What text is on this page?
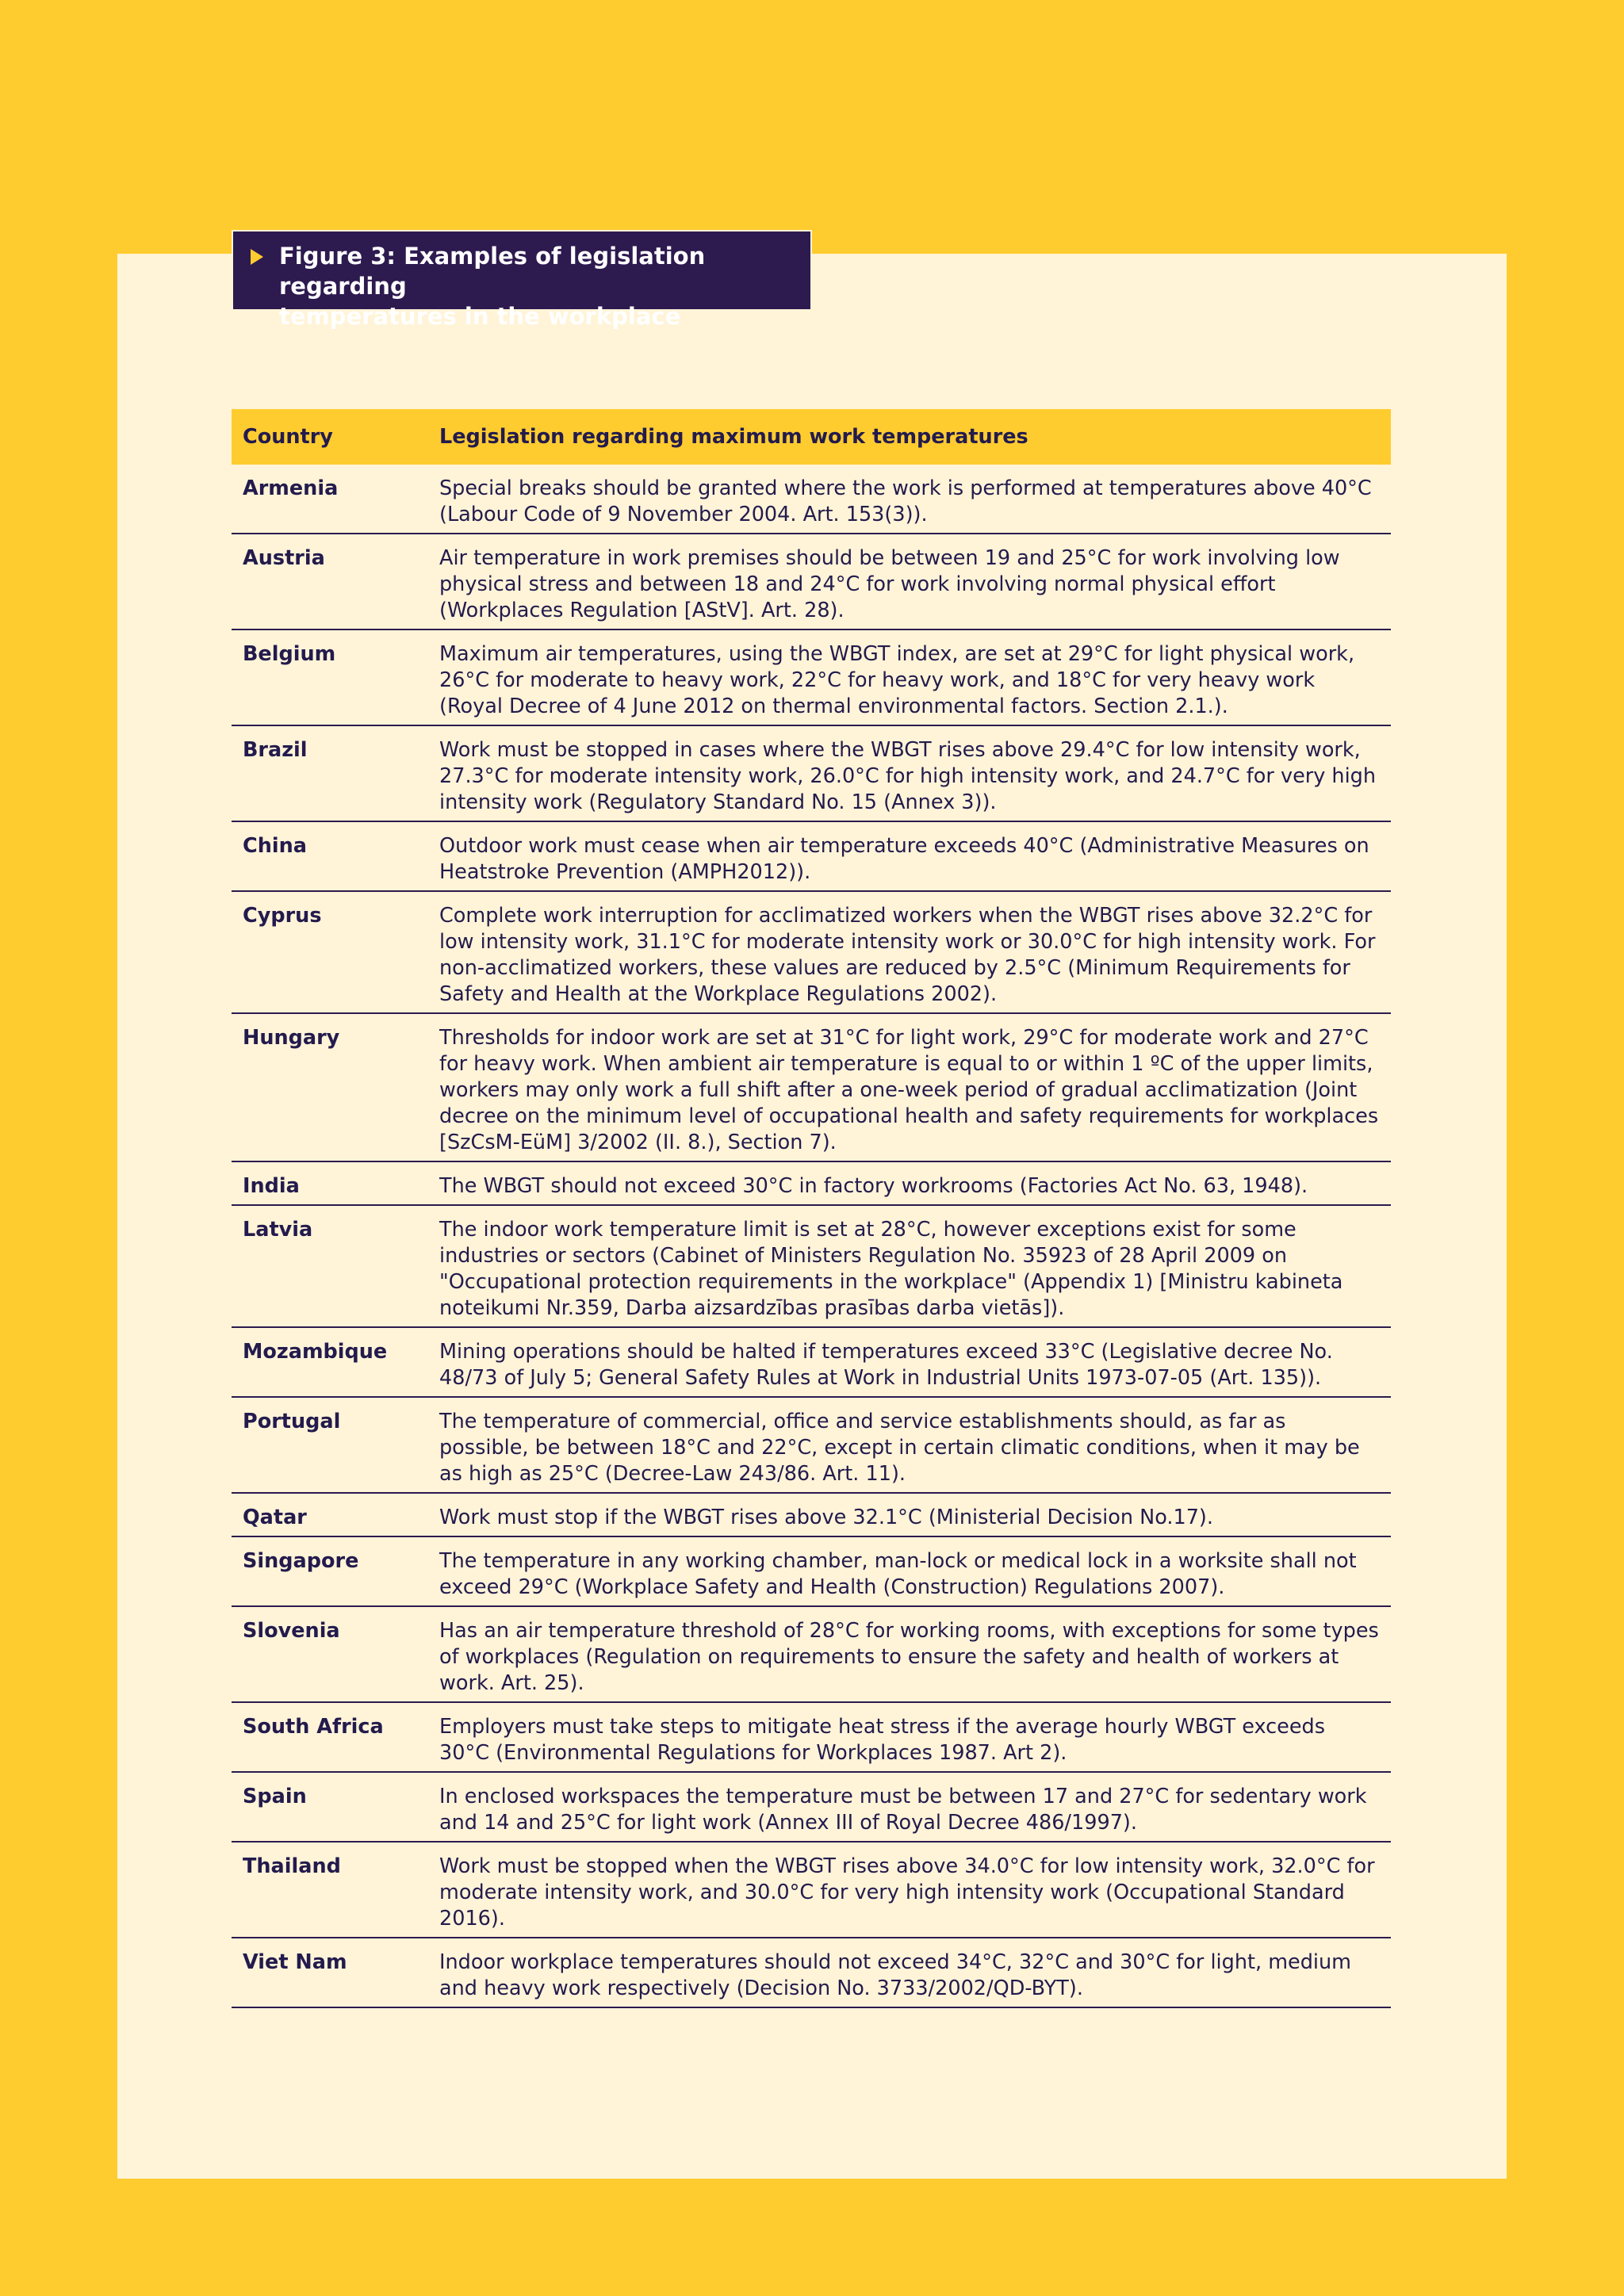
Figure 3: Examples of legislation regarding
temperatures in the workplace
Country	Legislation regarding maximum work temperatures
Armenia	Special breaks should be granted where the work is performed at temperatures above 40°C (Labour Code of 9 November 2004. Art. 153(3)).
Austria	Air temperature in work premises should be between 19 and 25°C for work involving low physical stress and between 18 and 24°C for work involving normal physical effort (Workplaces Regulation [AStV]. Art. 28).
Belgium	Maximum air temperatures, using the WBGT index, are set at 29°C for light physical work, 26°C for moderate to heavy work, 22°C for heavy work, and 18°C for very heavy work (Royal Decree of 4 June 2012 on thermal environmental factors. Section 2.1.).
Brazil	Work must be stopped in cases where the WBGT rises above 29.4°C for low intensity work, 27.3°C for moderate intensity work, 26.0°C for high intensity work, and 24.7°C for very high intensity work (Regulatory Standard No. 15 (Annex 3)).
China	Outdoor work must cease when air temperature exceeds 40°C (Administrative Measures on Heatstroke Prevention (AMPH2012)).
Cyprus	Complete work interruption for acclimatized workers when the WBGT rises above 32.2°C for low intensity work, 31.1°C for moderate intensity work or 30.0°C for high intensity work. For non-acclimatized workers, these values are reduced by 2.5°C (Minimum Requirements for Safety and Health at the Workplace Regulations 2002).
Hungary	Thresholds for indoor work are set at 31°C for light work, 29°C for moderate work and 27°C for heavy work. When ambient air temperature is equal to or within 1 ºC of the upper limits, workers may only work a full shift after a one-week period of gradual acclimatization (Joint decree on the minimum level of occupational health and safety requirements for workplaces [SzCsM-EüM] 3/2002 (II. 8.), Section 7).
India	The WBGT should not exceed 30°C in factory workrooms (Factories Act No. 63, 1948).
Latvia	The indoor work temperature limit is set at 28°C, however exceptions exist for some industries or sectors (Cabinet of Ministers Regulation No. 35923 of 28 April 2009 on "Occupational protection requirements in the workplace" (Appendix 1) [Ministru kabineta noteikumi Nr.359, Darba aizsardzības prasības darba vietās]).
Mozambique	Mining operations should be halted if temperatures exceed 33°C (Legislative decree No. 48/73 of July 5; General Safety Rules at Work in Industrial Units 1973-07-05 (Art. 135)).
Portugal	The temperature of commercial, office and service establishments should, as far as possible, be between 18°C and 22°C, except in certain climatic conditions, when it may be as high as 25°C (Decree-Law 243/86. Art. 11).
Qatar	Work must stop if the WBGT rises above 32.1°C (Ministerial Decision No.17).
Singapore	The temperature in any working chamber, man-lock or medical lock in a worksite shall not exceed 29°C (Workplace Safety and Health (Construction) Regulations 2007).
Slovenia	Has an air temperature threshold of 28°C for working rooms, with exceptions for some types of workplaces (Regulation on requirements to ensure the safety and health of workers at work. Art. 25).
South Africa	Employers must take steps to mitigate heat stress if the average hourly WBGT exceeds 30°C (Environmental Regulations for Workplaces 1987. Art 2).
Spain	In enclosed workspaces the temperature must be between 17 and 27°C for sedentary work and 14 and 25°C for light work (Annex III of Royal Decree 486/1997).
Thailand	Work must be stopped when the WBGT rises above 34.0°C for low intensity work, 32.0°C for moderate intensity work, and 30.0°C for very high intensity work (Occupational Standard 2016).
Viet Nam	Indoor workplace temperatures should not exceed 34°C, 32°C and 30°C for light, medium and heavy work respectively (Decision No. 3733/2002/QD-BYT).
